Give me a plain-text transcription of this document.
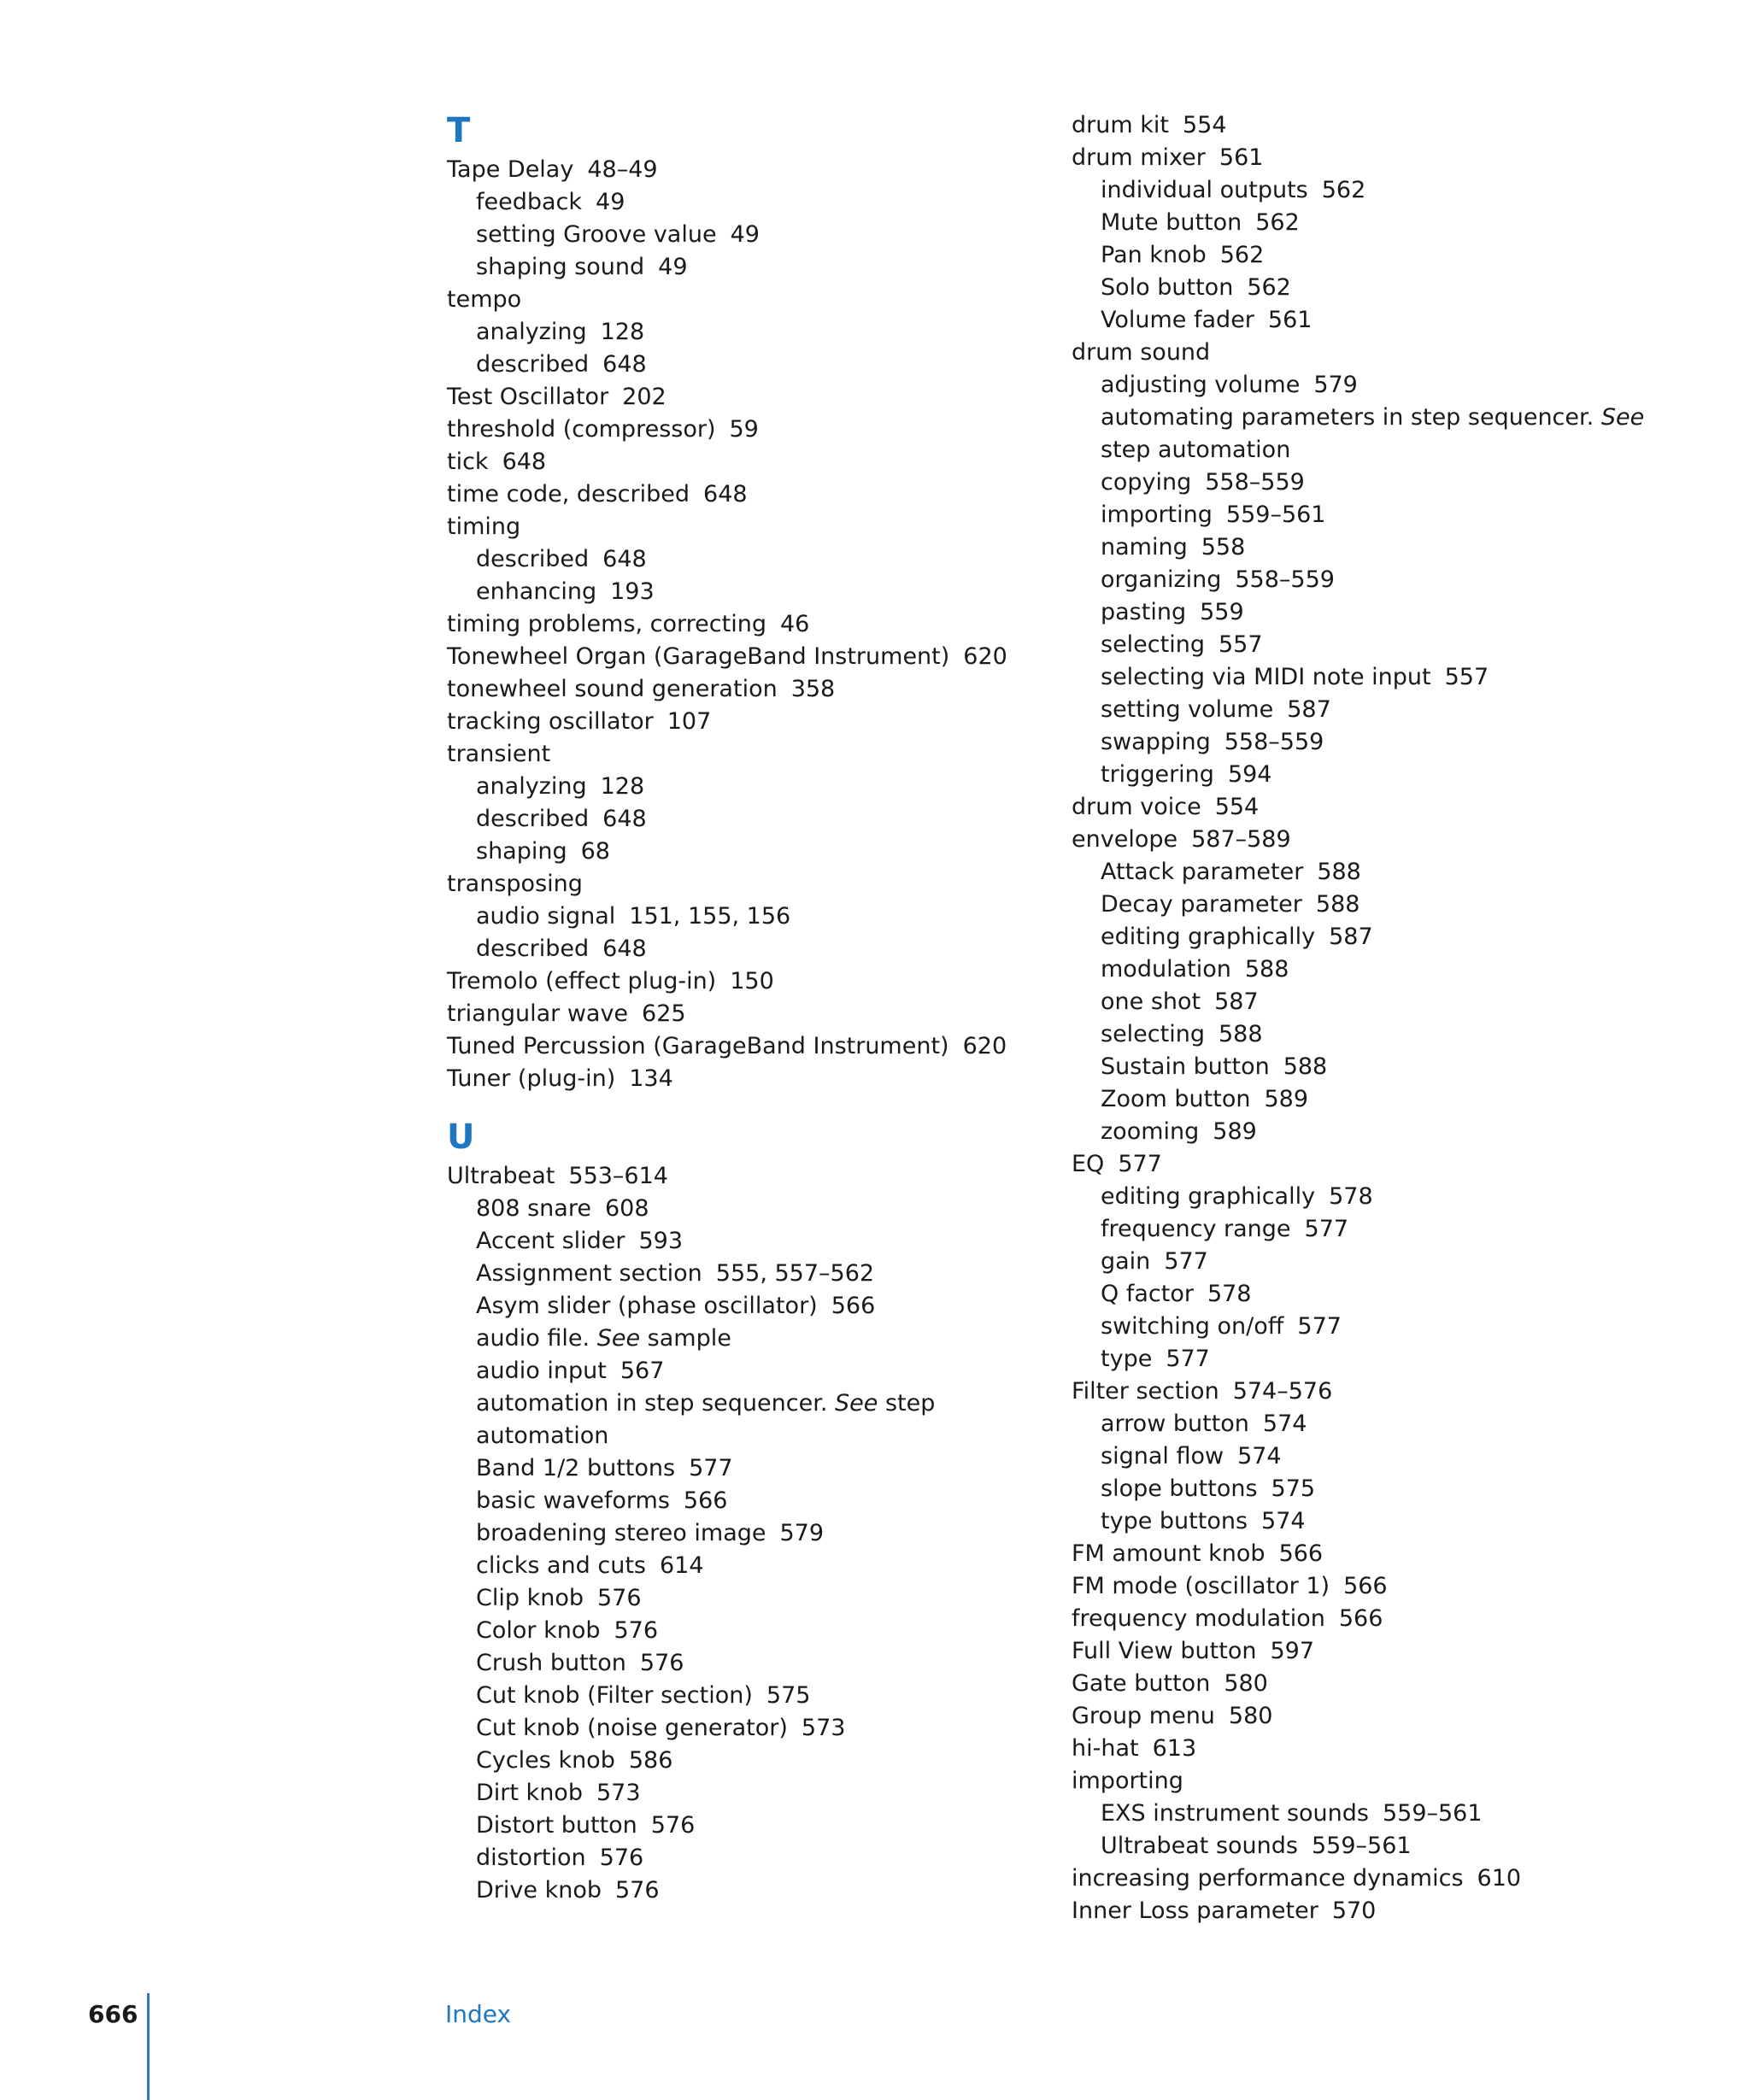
T
Tape Delay 48–49
feedback 49
setting Groove value 49
shaping sound 49
tempo
analyzing 128
described 648
Test Oscillator 202
threshold (compressor) 59
tick 648
time code, described 648
timing
described 648
enhancing 193
timing problems, correcting 46
Tonewheel Organ (GarageBand Instrument) 620
tonewheel sound generation 358
tracking oscillator 107
transient
analyzing 128
described 648
shaping 68
transposing
audio signal 151, 155, 156
described 648
Tremolo (effect plug-in) 150
triangular wave 625
Tuned Percussion (GarageBand Instrument) 620
Tuner (plug-in) 134
U
Ultrabeat 553–614
808 snare 608
Accent slider 593
Assignment section 555, 557–562
Asym slider (phase oscillator) 566
audio file. See sample
audio input 567
automation in step sequencer. See step
automation
Band 1/2 buttons 577
basic waveforms 566
broadening stereo image 579
clicks and cuts 614
Clip knob 576
Color knob 576
Crush button 576
Cut knob (Filter section) 575
Cut knob (noise generator) 573
Cycles knob 586
Dirt knob 573
Distort button 576
distortion 576
Drive knob 576
drum kit 554
drum mixer 561
individual outputs 562
Mute button 562
Pan knob 562
Solo button 562
Volume fader 561
drum sound
adjusting volume 579
automating parameters in step sequencer. See
step automation
copying 558–559
importing 559–561
naming 558
organizing 558–559
pasting 559
selecting 557
selecting via MIDI note input 557
setting volume 587
swapping 558–559
triggering 594
drum voice 554
envelope 587–589
Attack parameter 588
Decay parameter 588
editing graphically 587
modulation 588
one shot 587
selecting 588
Sustain button 588
Zoom button 589
zooming 589
EQ 577
editing graphically 578
frequency range 577
gain 577
Q factor 578
switching on/off 577
type 577
Filter section 574–576
arrow button 574
signal flow 574
slope buttons 575
type buttons 574
FM amount knob 566
FM mode (oscillator 1) 566
frequency modulation 566
Full View button 597
Gate button 580
Group menu 580
hi-hat 613
importing
EXS instrument sounds 559–561
Ultrabeat sounds 559–561
increasing performance dynamics 610
Inner Loss parameter 570
666	Index
